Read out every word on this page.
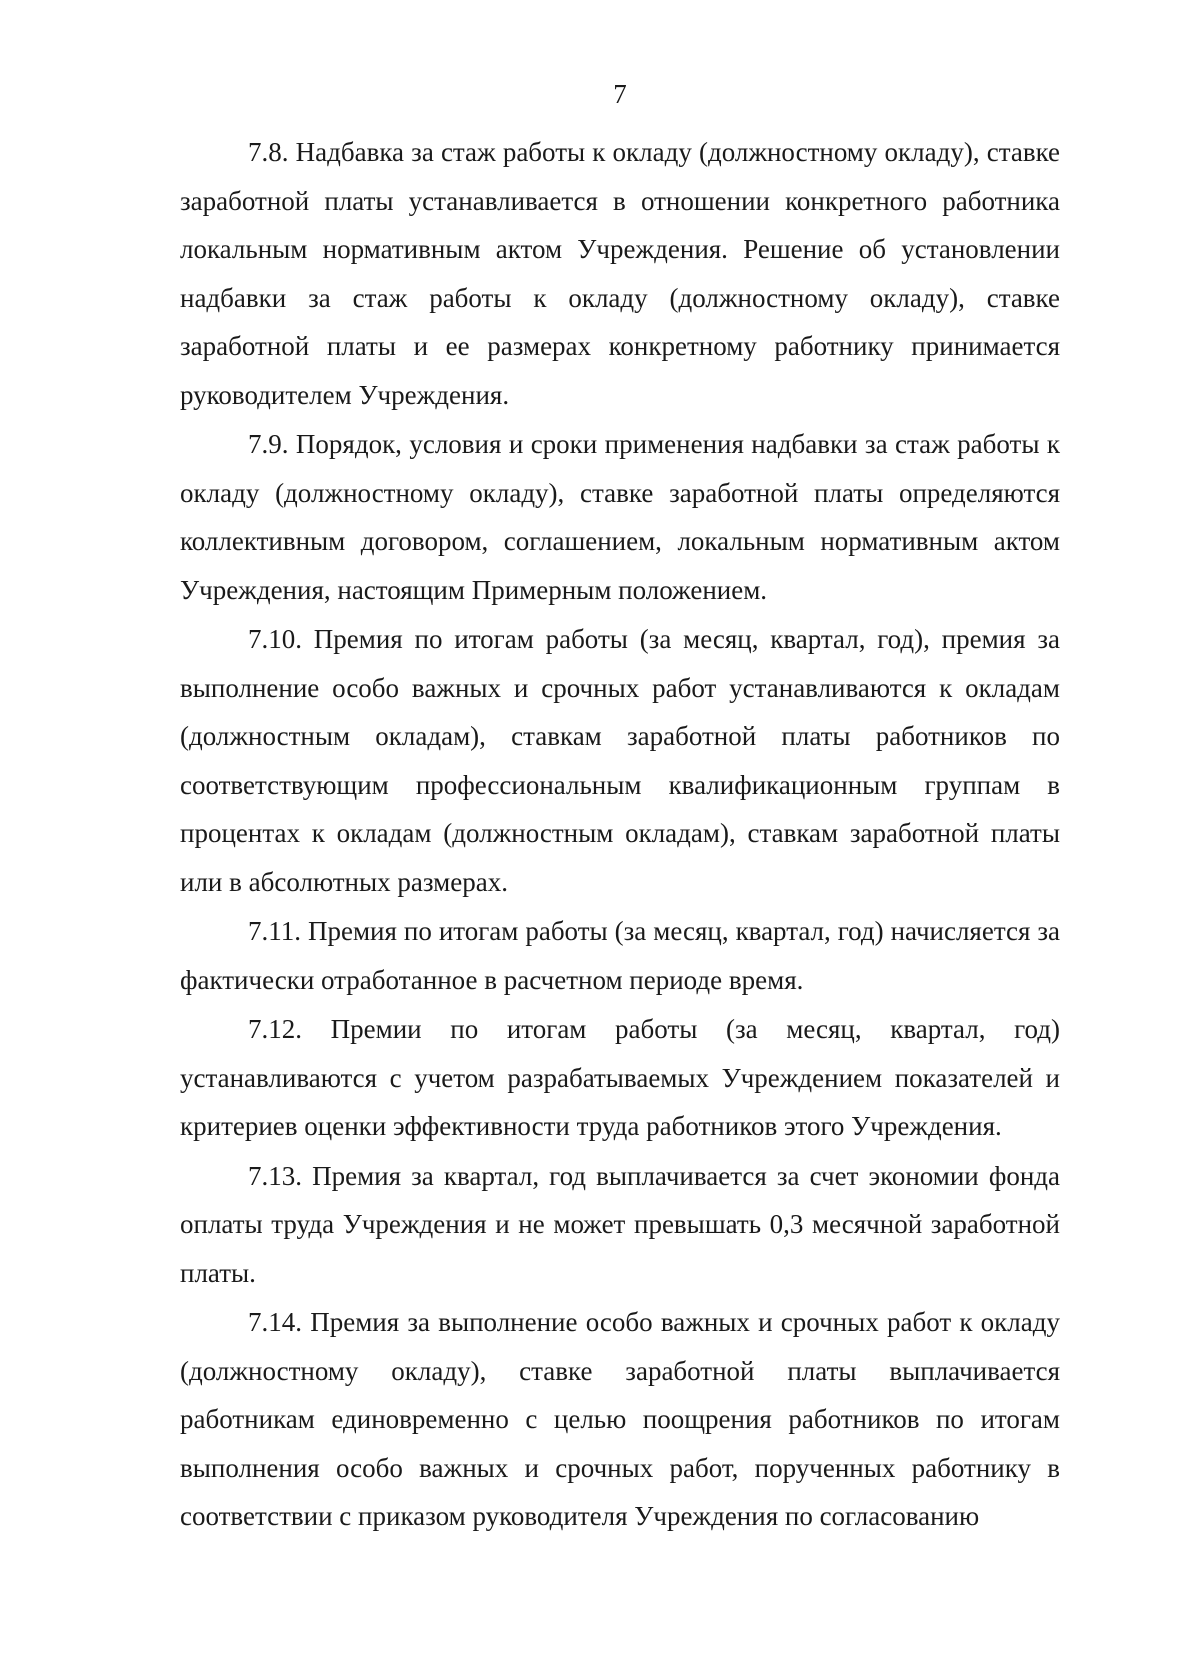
7

7.8. Надбавка за стаж работы к окладу (должностному окладу), ставке заработной платы устанавливается в отношении конкретного работника локальным нормативным актом Учреждения. Решение об установлении надбавки за стаж работы к окладу (должностному окладу), ставке заработной платы и ее размерах конкретному работнику принимается руководителем Учреждения.

7.9. Порядок, условия и сроки применения надбавки за стаж работы к окладу (должностному окладу), ставке заработной платы определяются коллективным договором, соглашением, локальным нормативным актом Учреждения, настоящим Примерным положением.

7.10. Премия по итогам работы (за месяц, квартал, год), премия за выполнение особо важных и срочных работ устанавливаются к окладам (должностным окладам), ставкам заработной платы работников по соответствующим профессиональным квалификационным группам в процентах к окладам (должностным окладам), ставкам заработной платы или в абсолютных размерах.

7.11. Премия по итогам работы (за месяц, квартал, год) начисляется за фактически отработанное в расчетном периоде время.

7.12. Премии по итогам работы (за месяц, квартал, год) устанавливаются с учетом разрабатываемых Учреждением показателей и критериев оценки эффективности труда работников этого Учреждения.

7.13. Премия за квартал, год выплачивается за счет экономии фонда оплаты труда Учреждения и не может превышать 0,3 месячной заработной платы.

7.14. Премия за выполнение особо важных и срочных работ к окладу (должностному окладу), ставке заработной платы выплачивается работникам единовременно с целью поощрения работников по итогам выполнения особо важных и срочных работ, порученных работнику в соответствии с приказом руководителя Учреждения по согласованию
